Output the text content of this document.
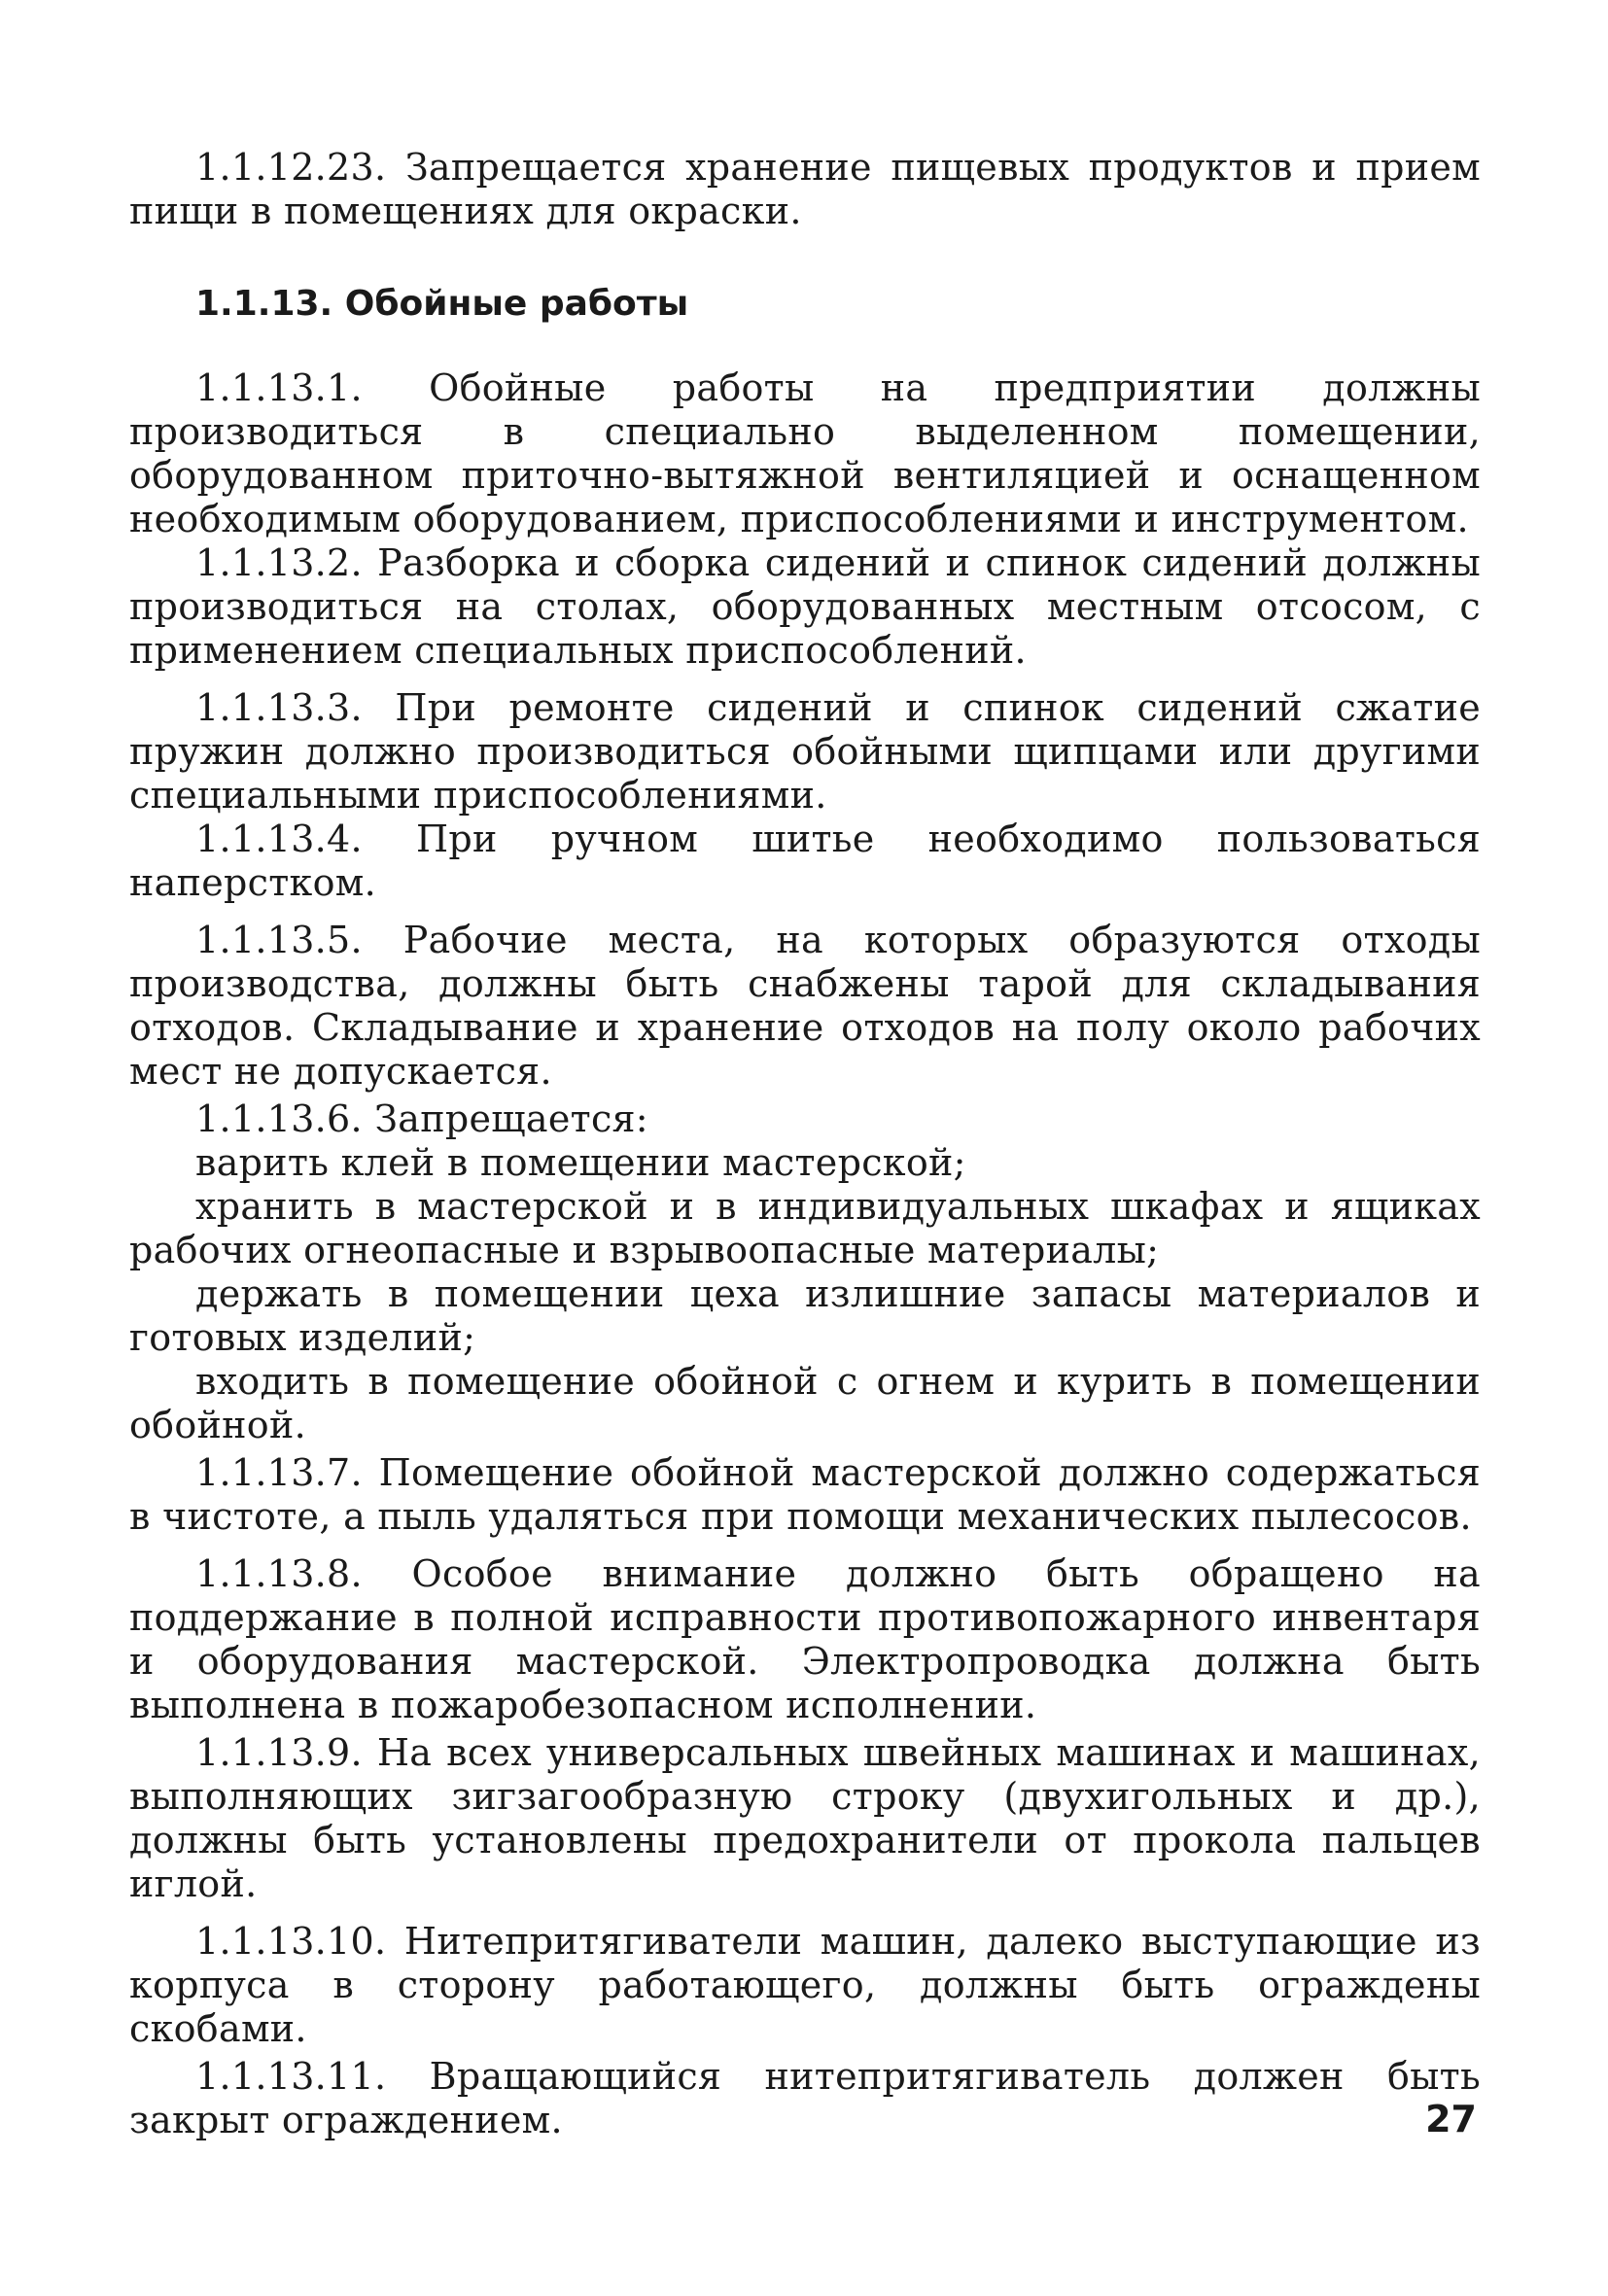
1.1.12.23. Запрещается хранение пищевых продуктов и прием пищи в помещениях для окраски.

1.1.13. Обойные работы

1.1.13.1. Обойные работы на предприятии должны производиться в специально выделенном помещении, оборудованном приточно-вытяжной вентиляцией и оснащенном необходимым оборудованием, приспособлениями и инструментом.

1.1.13.2. Разборка и сборка сидений и спинок сидений должны производиться на столах, оборудованных местным отсосом, с применением специальных приспособлений.

1.1.13.3. При ремонте сидений и спинок сидений сжатие пружин должно производиться обойными щипцами или другими специальными приспособлениями.

1.1.13.4. При ручном шитье необходимо пользоваться наперстком.

1.1.13.5. Рабочие места, на которых образуются отходы производства, должны быть снабжены тарой для складывания отходов. Складывание и хранение отходов на полу около рабочих мест не допускается.

1.1.13.6. Запрещается:

варить клей в помещении мастерской;

хранить в мастерской и в индивидуальных шкафах и ящиках рабочих огнеопасные и взрывоопасные материалы;

держать в помещении цеха излишние запасы материалов и готовых изделий;

входить в помещение обойной с огнем и курить в помещении обойной.

1.1.13.7. Помещение обойной мастерской должно содержаться в чистоте, а пыль удаляться при помощи механических пылесосов.

1.1.13.8. Особое внимание должно быть обращено на поддержание в полной исправности противопожарного инвентаря и оборудования мастерской. Электропроводка должна быть выполнена в пожаробезопасном исполнении.

1.1.13.9. На всех универсальных швейных машинах и машинах, выполняющих зигзагообразную строку (двухигольных и др.), должны быть установлены предохранители от прокола пальцев иглой.

1.1.13.10. Нитепритягиватели машин, далеко выступающие из корпуса в сторону работающего, должны быть ограждены скобами.

1.1.13.11. Вращающийся нитепритягиватель должен быть закрыт ограждением.	27
